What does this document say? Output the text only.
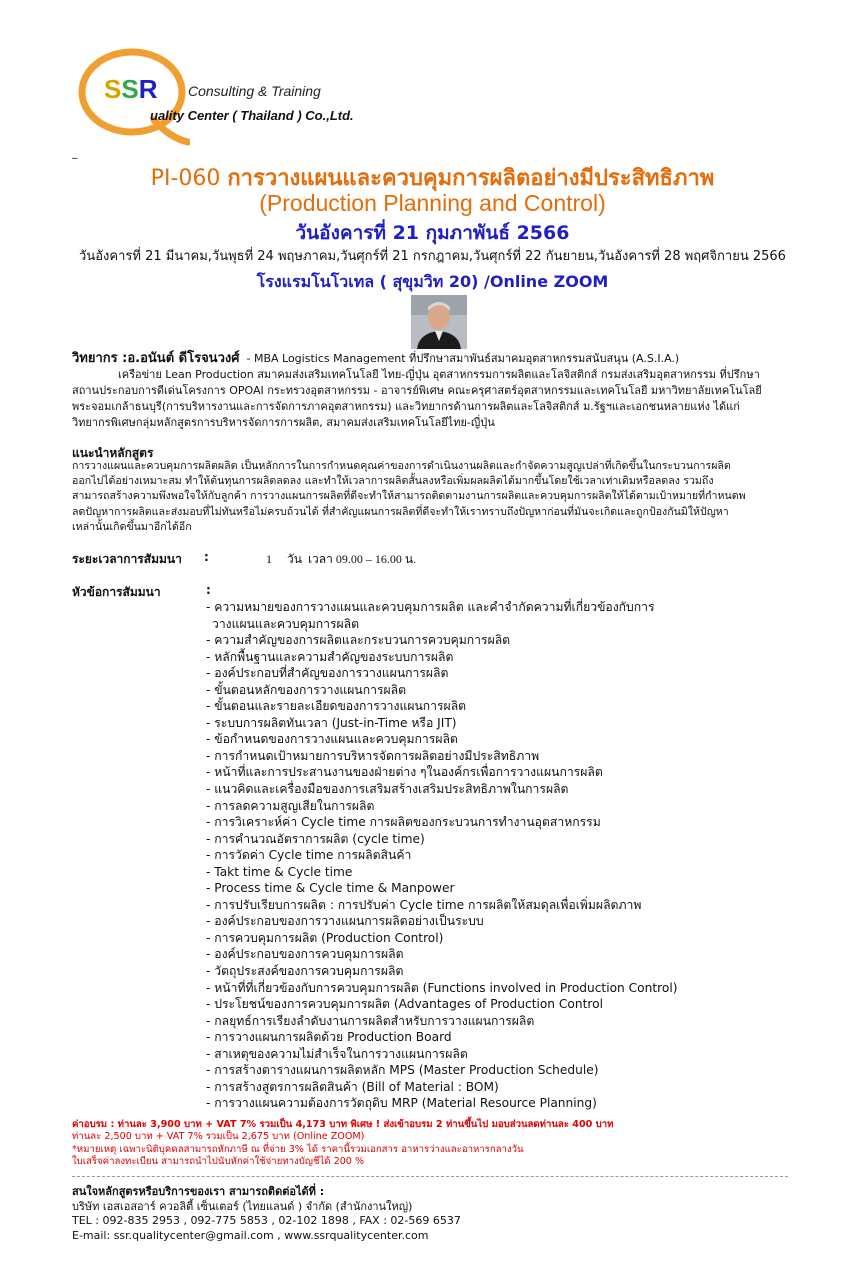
SSR Consulting & Training
uality Center ( Thailand ) Co.,Ltd.
_
PI-060 การวางแผนและควบคุมการผลิตอย่างมีประสิทธิภาพ
(Production Planning and Control)
วันอังคารที่ 21 กุมภาพันธ์ 2566
วันอังคารที่ 21 มีนาคม,วันพุธที่ 24 พฤษภาคม,วันศุกร์ที่ 21 กรกฎาคม,วันศุกร์ที่ 22 กันยายน,วันอังคารที่ 28 พฤศจิกายน 2566
โรงแรมโนโวเทล ( สุขุมวิท 20) /Online ZOOM
วิทยากร :อ.อนันต์ ดีโรจนวงศ์ - MBA Logistics Management ที่ปรึกษาสมาพันธ์สมาคมอุตสาหกรรมสนับสนุน (A.S.I.A.)
เครือข่าย Lean Production สมาคมส่งเสริมเทคโนโลยี ไทย-ญี่ปุ่น อุตสาหกรรมการผลิตและโลจิสติกส์ กรมส่งเสริมอุตสาหกรรม ที่ปรึกษา
สถานประกอบการดีเด่นโครงการ OPOAI กระทรวงอุตสาหกรรม - อาจารย์พิเศษ คณะครุศาสตร์อุตสาหกรรมและเทคโนโลยี มหาวิทยาลัยเทคโนโลยี
พระจอมเกล้าธนบุรี(การบริหารงานและการจัดการภาคอุตสาหกรรม) และวิทยากรด้านการผลิตและโลจิสติกส์ ม.รัฐฯและเอกชนหลายแห่ง ได้แก่
วิทยากรพิเศษกลุ่มหลักสูตรการบริหารจัดการการผลิต, สมาคมส่งเสริมเทคโนโลยีไทย-ญี่ปุ่น
แนะนำหลักสูตร
การวางแผนและควบคุมการผลิตผลิต เป็นหลักการในการกำหนดคุณค่าของการดำเนินงานผลิตและกำจัดความสูญเปล่าที่เกิดขึ้นในกระบวนการผลิต
ออกไปได้อย่างเหมาะสม ทำให้ต้นทุนการผลิตลดลง และทำให้เวลาการผลิตสั้นลงหรือเพิ่มผลผลิตได้มากขึ้นโดยใช้เวลาเท่าเดิมหรือลดลง รวมถึง
สามารถสร้างความพึงพอใจให้กับลูกค้า การวางแผนการผลิตที่ดีจะทำให้สามารถติดตามงานการผลิตและควบคุมการผลิตให้ได้ตามเป้าหมายที่กำหนดพ
ลดปัญหาการผลิตและส่งมอบที่ไม่ทันหรือไม่ครบถ้วนได้ ที่สำคัญแผนการผลิตที่ดีจะทำให้เราทราบถึงปัญหาก่อนที่มันจะเกิดและถูกป้องกันมิให้ปัญหา
เหล่านั้นเกิดขึ้นมาอีกได้อีก
ระยะเวลาการสัมมนา :	1     วัน  เวลา 09.00 – 16.00 น.
หัวข้อการสัมมนา	:
- ความหมายของการวางแผนและควบคุมการผลิต และคำจำกัดความที่เกี่ยวข้องกับการ
วางแผนและควบคุมการผลิต
- ความสำคัญของการผลิตและกระบวนการควบคุมการผลิต
- หลักพื้นฐานและความสำคัญของระบบการผลิต
- องค์ประกอบที่สำคัญของการวางแผนการผลิต
- ขั้นตอนหลักของการวางแผนการผลิต
- ขั้นตอนและรายละเอียดของการวางแผนการผลิต
- ระบบการผลิตทันเวลา (Just-in-Time หรือ JIT)
- ข้อกำหนดของการวางแผนและควบคุมการผลิต
- การกำหนดเป้าหมายการบริหารจัดการผลิตอย่างมีประสิทธิภาพ
- หน้าที่และการประสานงานของฝ่ายต่าง ๆในองค์กรเพื่อการวางแผนการผลิต
- แนวคิดและเครื่องมือของการเสริมสร้างเสริมประสิทธิภาพในการผลิต
- การลดความสูญเสียในการผลิต
- การวิเคราะห์ค่า Cycle time การผลิตของกระบวนการทำงานอุตสาหกรรม
- การคำนวณอัตราการผลิต (cycle time)
- การวัดค่า Cycle time การผลิตสินค้า
- Takt time & Cycle time
- Process time & Cycle time & Manpower
- การปรับเรียบการผลิต : การปรับค่า Cycle time การผลิตให้สมดุลเพื่อเพิ่มผลิตภาพ
- องค์ประกอบของการวางแผนการผลิตอย่างเป็นระบบ
- การควบคุมการผลิต (Production Control)
- องค์ประกอบของการควบคุมการผลิต
- วัตถุประสงค์ของการควบคุมการผลิต
- หน้าที่ที่เกี่ยวข้องกับการควบคุมการผลิต (Functions involved in Production Control)
- ประโยชน์ของการควบคุมการผลิต (Advantages of Production Control
- กลยุทธ์การเรียงลำดับงานการผลิตสำหรับการวางแผนการผลิต
- การวางแผนการผลิตด้วย Production Board
- สาเหตุของความไม่สำเร็จในการวางแผนการผลิต
- การสร้างตารางแผนการผลิตหลัก MPS (Master Production Schedule)
- การสร้างสูตรการผลิตสินค้า (Bill of Material : BOM)
- การวางแผนความต้องการวัตถุดิบ MRP (Material Resource Planning)
ค่าอบรม : ท่านละ 3,900 บาท + VAT 7% รวมเป็น 4,173 บาท พิเศษ ! ส่งเข้าอบรม 2 ท่านขึ้นไป มอบส่วนลดท่านละ 400 บาท
ท่านละ 2,500 บาท + VAT 7% รวมเป็น 2,675 บาท (Online ZOOM)
*หมายเหตุ เฉพาะนิติบุคคลสามารถหักภาษี ณ ที่จ่าย 3% ได้ ราคานี้รวมเอกสาร อาหารว่างและอาหารกลางวัน
ใบเสร็จค่าลงทะเบียน สามารถนำไปนับหักค่าใช้จ่ายทางบัญชีได้ 200 %
สนใจหลักสูตรหรือบริการของเรา สามารถติดต่อได้ที่ :
บริษัท เอสเอสอาร์ ควอลิตี้ เซ็นเตอร์ (ไทยแลนด์ ) จำกัด (สำนักงานใหญ่)
TEL : 092-835 2953 , 092-775 5853 , 02-102 1898 , FAX : 02-569 6537
E-mail: ssr.qualitycenter@gmail.com , www.ssrqualitycenter.com
